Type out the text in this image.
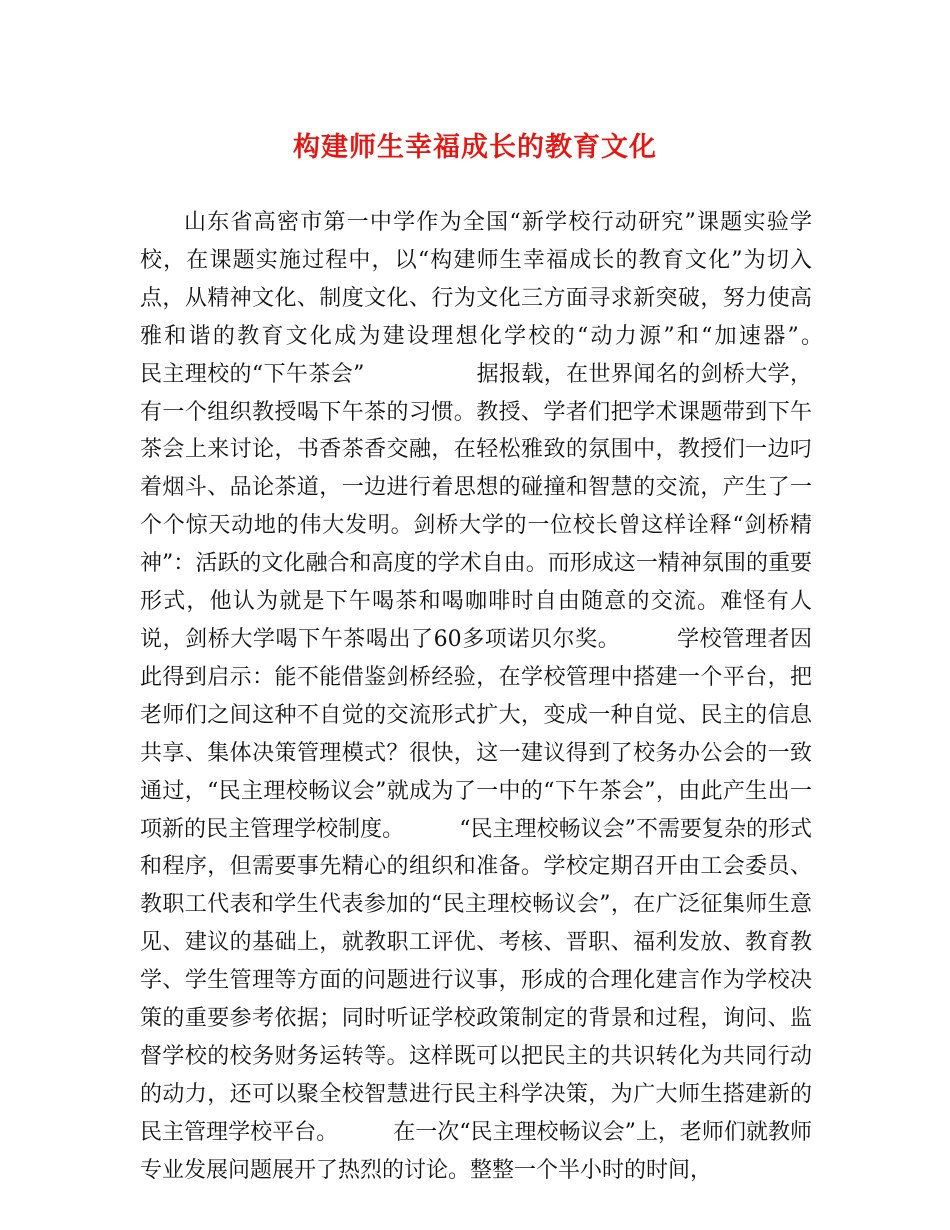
构建师生幸福成长的教育文化

山东省高密市第一中学作为全国“新学校行动研究”课题实验学校，在课题实施过程中，以“构建师生幸福成长的教育文化”为切入点，从精神文化、制度文化、行为文化三方面寻求新突破，努力使高雅和谐的教育文化成为建设理想化学校的“动力源”和“加速器”。　　　　　民主理校的“下午茶会”　　　　　据报载，在世界闻名的剑桥大学，有一个组织教授喝下午茶的习惯。教授、学者们把学术课题带到下午茶会上来讨论，书香茶香交融，在轻松雅致的氛围中，教授们一边叼着烟斗、品论茶道，一边进行着思想的碰撞和智慧的交流，产生了一个个惊天动地的伟大发明。剑桥大学的一位校长曾这样诠释“剑桥精神”：活跃的文化融合和高度的学术自由。而形成这一精神氛围的重要形式，他认为就是下午喝茶和喝咖啡时自由随意的交流。难怪有人说，剑桥大学喝下午茶喝出了60多项诺贝尔奖。　　　学校管理者因此得到启示：能不能借鉴剑桥经验，在学校管理中搭建一个平台，把老师们之间这种不自觉的交流形式扩大，变成一种自觉、民主的信息共享、集体决策管理模式？很快，这一建议得到了校务办公会的一致通过，“民主理校畅议会”就成为了一中的“下午茶会”，由此产生出一项新的民主管理学校制度。　　　“民主理校畅议会”不需要复杂的形式和程序，但需要事先精心的组织和准备。学校定期召开由工会委员、教职工代表和学生代表参加的“民主理校畅议会”，在广泛征集师生意见、建议的基础上，就教职工评优、考核、晋职、福利发放、教育教学、学生管理等方面的问题进行议事，形成的合理化建言作为学校决策的重要参考依据；同时听证学校政策制定的背景和过程，询问、监督学校的校务财务运转等。这样既可以把民主的共识转化为共同行动的动力，还可以聚全校智慧进行民主科学决策，为广大师生搭建新的民主管理学校平台。　　　在一次“民主理校畅议会”上，老师们就教师专业发展问题展开了热烈的讨论。整整一个半小时的时间，
